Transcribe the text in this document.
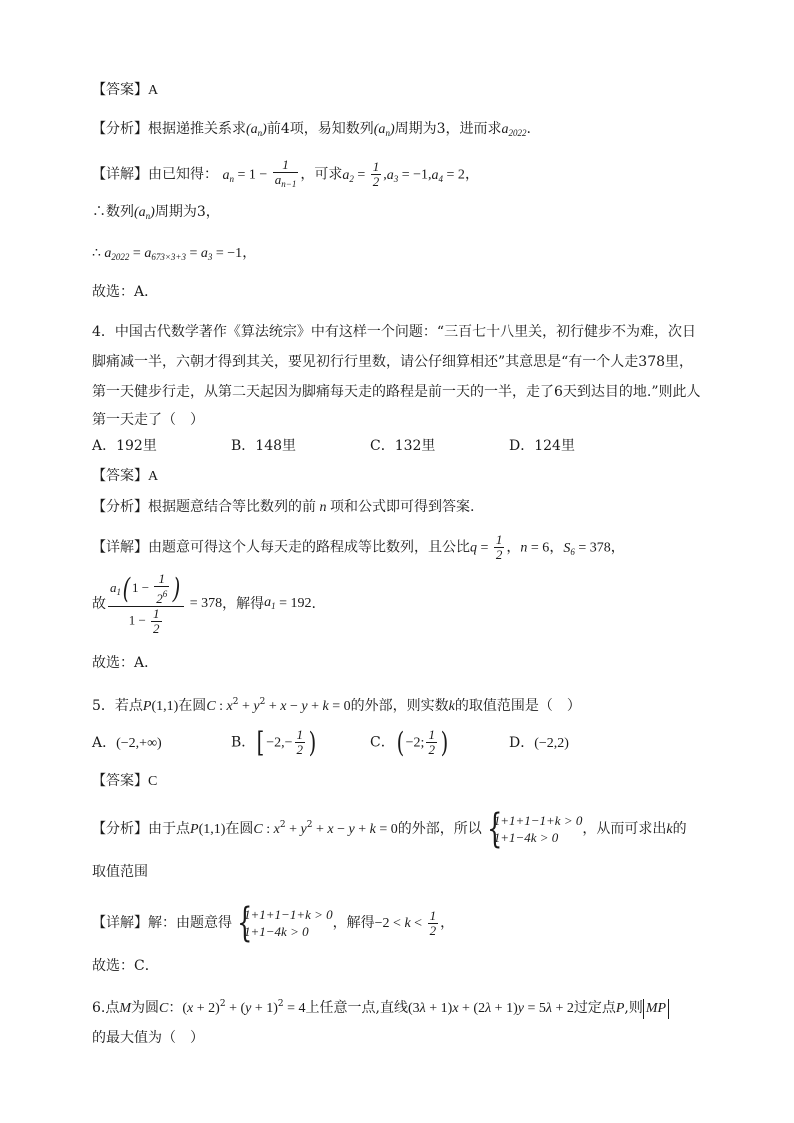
【答案】A
【分析】根据递推关系求$(a_n)$前4项，易知数列$(a_n)$周期为3，进而求$a_{2022}$.
【详解】由已知得： $a_n = 1 - \frac{1}{a_{n-1}}$ ，可求$a_2 = \frac{1}{2} ,a_3 = -1,a_4 = 2$，
∴数列$(a_n)$周期为3，
∴ $a_{2022} = a_{673\times 3+3} = a_3 = -1$，
故选：A．
4．中国古代数学著作《算法统宗》中有这样一个问题：“三百七十八里关，初行健步不为难，次日
脚痛减一半，六朝才得到其关，要见初行行里数，请公仔细算相还”其意思是“有一个人走378里，
第一天健步行走，从第二天起因为脚痛每天走的路程是前一天的一半，走了6天到达目的地.”则此人
第一天走了（　）
A．192里	B．148里	C．132里	D．124里
【答案】A
【分析】根据题意结合等比数列的前 n 项和公式即可得到答案.
【详解】由题意可得这个人每天走的路程成等比数列，且公比$q = \frac{1}{2}$ ，n = 6，$S_6 = 378$，
故 $\frac{a_1( 1 - \frac{1}{2^6} )}{1 - \frac{1}{2}} = 378$，解得$a_1 = 192$.
故选：A．
5．若点P(1,1)在圆C : $x^2 + y^2 + x - y + k = 0$的外部，则实数k的取值范围是（　）
A．(−2,+∞)	B．[ $-2,- \frac{1}{2}$ )	C．( −2; $\frac{1}{2}$ )	D．(−2,2)
【答案】C
【分析】由于点P(1,1)在圆C : $x^2 + y^2 + x - y + k = 0$的外部，所以 {
1+1+1−1+k > 0
1+1−4k > 0
，从而可求出k的
取值范围
【详解】解：由题意得 {
1+1+1−1+k > 0
1+1−4k > 0
，解得$-2 < k < \frac{1}{2}$ ，
故选：C．
6.点M为圆C：$(x + 2)^2 + (y + 1)^2 = 4$上任意一点,直线(3λ + 1)x + (2λ + 1)y = 5λ + 2过定点P,则 MP
的最大值为（　）
